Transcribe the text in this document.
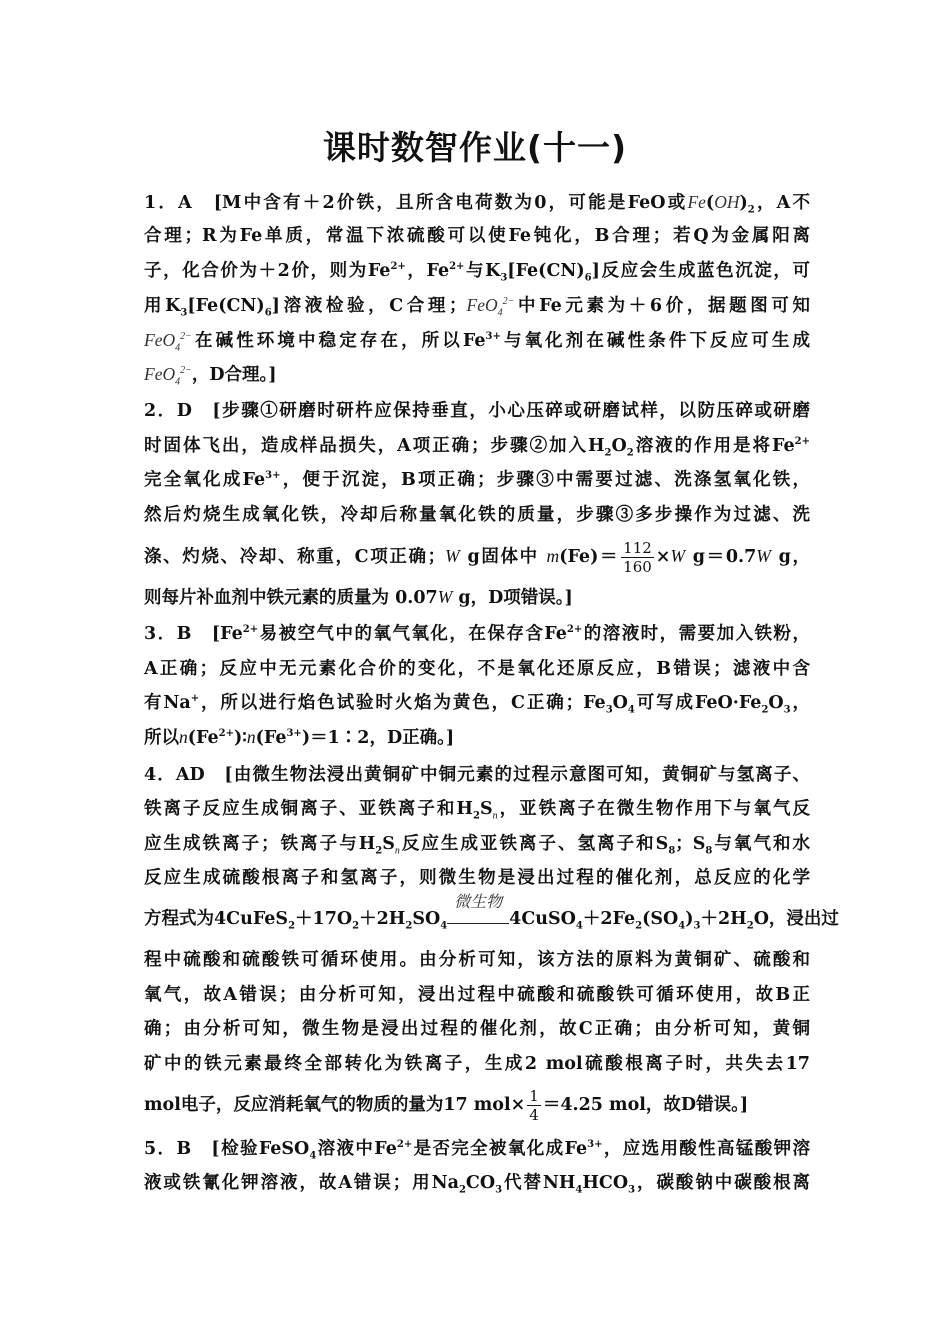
课时数智作业(十一)
1．A　[M中含有＋2价铁，且所含电荷数为0，可能是FeO或$Fe(OH)_2$，A不
合理；R为Fe单质，常温下浓硫酸可以使Fe钝化，B合理；若Q为金属阳离
子，化合价为＋2价，则为$Fe^{2+}$，$Fe^{2+}$与$K_3[Fe(CN)_6]$反应会生成蓝色沉淀，可
用$K_3[Fe(CN)_6]$溶液检验，C合理；FeO$_4^{2-}$中Fe元素为＋6价，据题图可知
FeO$_4^{2-}$在碱性环境中稳定存在，所以$Fe^{3+}$与氧化剂在碱性条件下反应可生成
FeO$_4^{2-}$，D合理。]
2．D　[步骤①研磨时研杵应保持垂直，小心压碎或研磨试样，以防压碎或研磨
时固体飞出，造成样品损失，A项正确；步骤②加入$H_2O_2$溶液的作用是将$Fe^{2+}$
完全氧化成$Fe^{3+}$，便于沉淀，B项正确；步骤③中需要过滤、洗涤氢氧化铁，
然后灼烧生成氧化铁，冷却后称量氧化铁的质量，步骤③多步操作为过滤、洗
涤、灼烧、冷却、称重，C项正确；W g固体中 $m(Fe)= \frac{112}{160} \times W$ g＝0.7W g，
则每片补血剂中铁元素的质量为 0.07W g，D项错误。]
3．B　[$Fe^{2+}$易被空气中的氧气氧化，在保存含$Fe^{2+}$的溶液时，需要加入铁粉，
A正确；反应中无元素化合价的变化，不是氧化还原反应，B错误；滤液中含
有Na+，所以进行焰色试验时火焰为黄色，C正确；$Fe_3O_4$可写成$FeO\cdot Fe_2O_3$，
所以$n(Fe^{2+})∶n(Fe^{3+})=1∶2$，D正确。]
4．AD　[由微生物法浸出黄铜矿中铜元素的过程示意图可知，黄铜矿与氢离子、
铁离子反应生成铜离子、亚铁离子和$H_2S_n$，亚铁离子在微生物作用下与氧气反
应生成铁离子；铁离子与$H_2S_n$反应生成亚铁离子、氢离子和$S_8$；$S_8$与氧气和水
反应生成硫酸根离子和氢离子，则微生物是浸出过程的催化剂，总反应的化学
方程式为$4CuFeS_2+17O_2+2H_2SO_4$
微生物
$4CuSO_4+2Fe_2(SO_4)_3+2H_2O$，浸出过
程中硫酸和硫酸铁可循环使用。由分析可知，该方法的原料为黄铜矿、硫酸和
氧气，故A错误；由分析可知，浸出过程中硫酸和硫酸铁可循环使用，故B正
确；由分析可知，微生物是浸出过程的催化剂，故C正确；由分析可知，黄铜
矿中的铁元素最终全部转化为铁离子，生成2 mol硫酸根离子时，共失去17
mol电子，反应消耗氧气的物质的量为17 $mol\times \frac{1}{4} =4.25$ mol，故D错误。]
5．B　[检验FeSO$_4$溶液中$Fe^{2+}$是否完全被氧化成$Fe^{3+}$，应选用酸性高锰酸钾溶
液或铁氰化钾溶液，故A错误；用$Na_2CO_3$代替$NH_4HCO_3$，碳酸钠中碳酸根离
